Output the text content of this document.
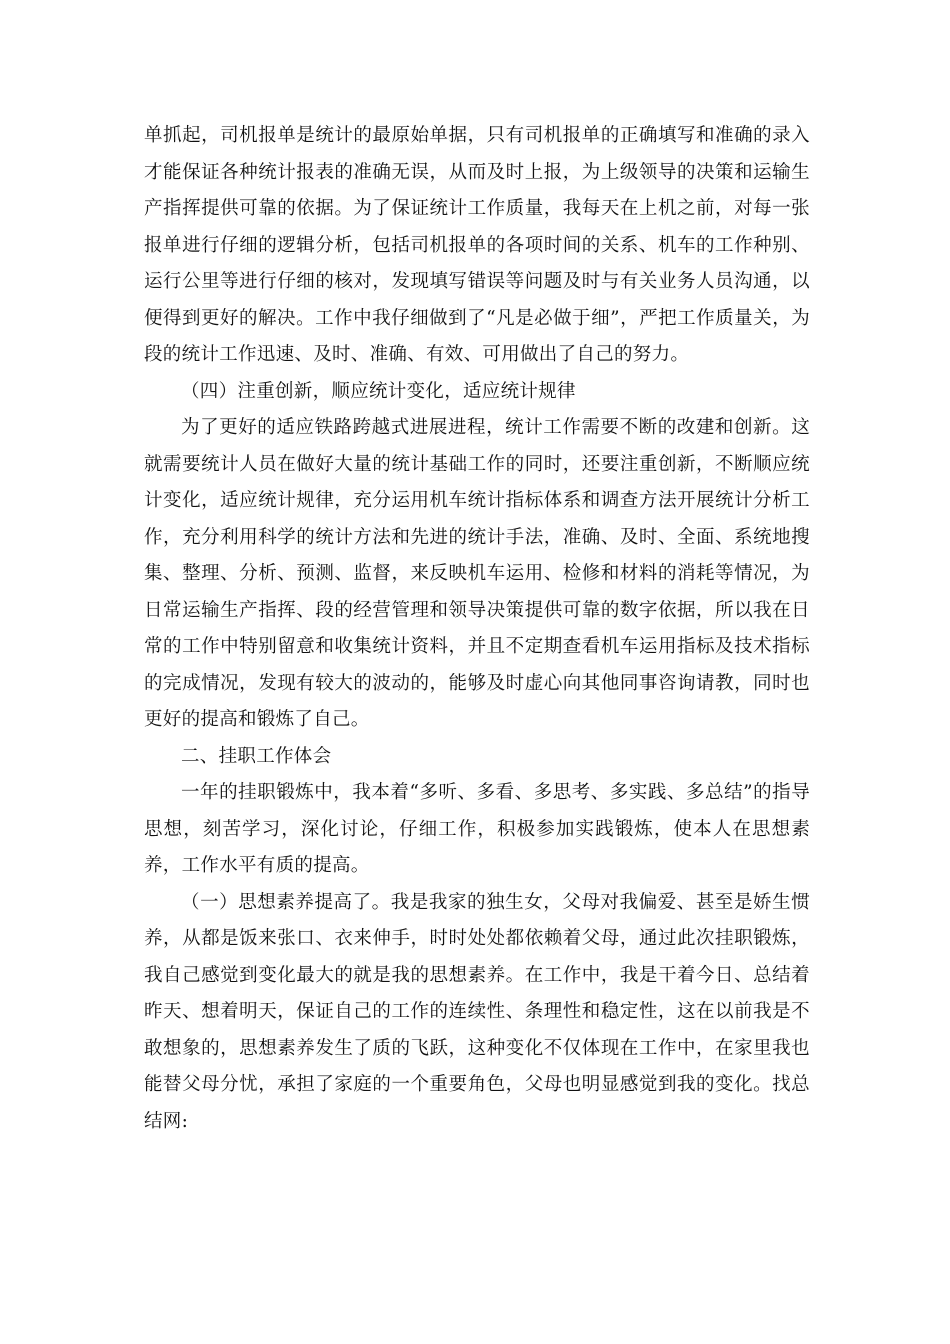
单抓起，司机报单是统计的最原始单据，只有司机报单的正确填写和准确的录入才能保证各种统计报表的准确无误，从而及时上报，为上级领导的决策和运输生产指挥提供可靠的依据。为了保证统计工作质量，我每天在上机之前，对每一张报单进行仔细的逻辑分析，包括司机报单的各项时间的关系、机车的工作种别、运行公里等进行仔细的核对，发现填写错误等问题及时与有关业务人员沟通，以便得到更好的解决。工作中我仔细做到了“凡是必做于细”，严把工作质量关，为段的统计工作迅速、及时、准确、有效、可用做出了自己的努力。

（四）注重创新，顺应统计变化，适应统计规律

为了更好的适应铁路跨越式进展进程，统计工作需要不断的改建和创新。这就需要统计人员在做好大量的统计基础工作的同时，还要注重创新，不断顺应统计变化，适应统计规律，充分运用机车统计指标体系和调查方法开展统计分析工作，充分利用科学的统计方法和先进的统计手法，准确、及时、全面、系统地搜集、整理、分析、预测、监督，来反映机车运用、检修和材料的消耗等情况，为日常运输生产指挥、段的经营管理和领导决策提供可靠的数字依据，所以我在日常的工作中特别留意和收集统计资料，并且不定期查看机车运用指标及技术指标的完成情况，发现有较大的波动的，能够及时虚心向其他同事咨询请教，同时也更好的提高和锻炼了自己。

二、挂职工作体会

一年的挂职锻炼中，我本着“多听、多看、多思考、多实践、多总结”的指导思想，刻苦学习，深化讨论，仔细工作，积极参加实践锻炼，使本人在思想素养，工作水平有质的提高。

（一）思想素养提高了。我是我家的独生女，父母对我偏爱、甚至是娇生惯养，从都是饭来张口、衣来伸手，时时处处都依赖着父母，通过此次挂职锻炼，我自己感觉到变化最大的就是我的思想素养。在工作中，我是干着今日、总结着昨天、想着明天，保证自己的工作的连续性、条理性和稳定性，这在以前我是不敢想象的，思想素养发生了质的飞跃，这种变化不仅体现在工作中，在家里我也能替父母分忧，承担了家庭的一个重要角色，父母也明显感觉到我的变化。找总结网:
